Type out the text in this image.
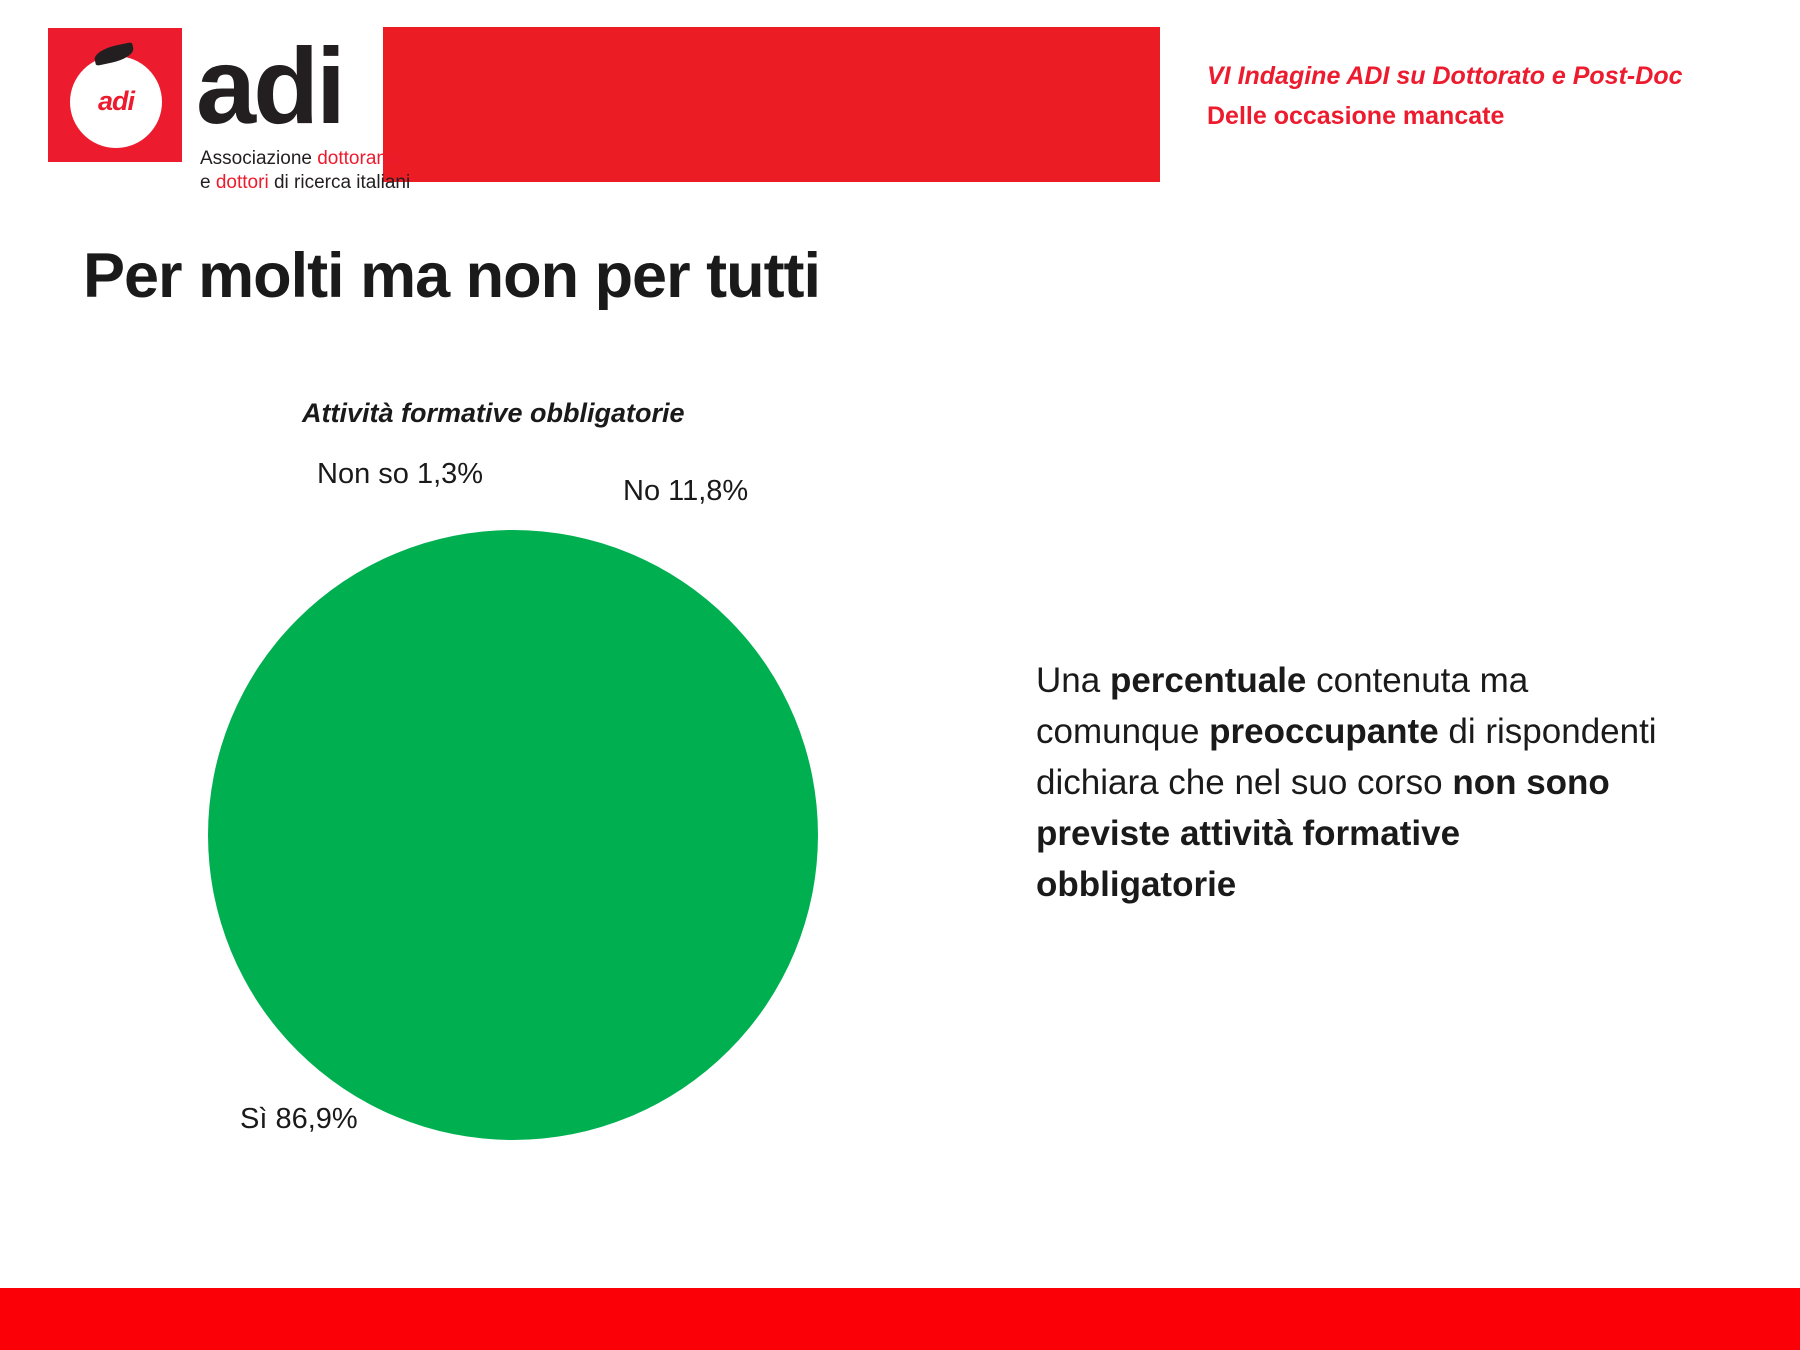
adi adi
Associazione dottorandi
e dottori di ricerca italiani
VI Indagine ADI su Dottorato e Post-Doc
Delle occasione mancate
Per molti ma non per tutti
Attività formative obbligatorie
Non so 1,3%
No 11,8%
Sì 86,9%
Una percentuale contenuta ma comunque preoccupante di rispondenti dichiara che nel suo corso non sono previste attività formative obbligatorie
